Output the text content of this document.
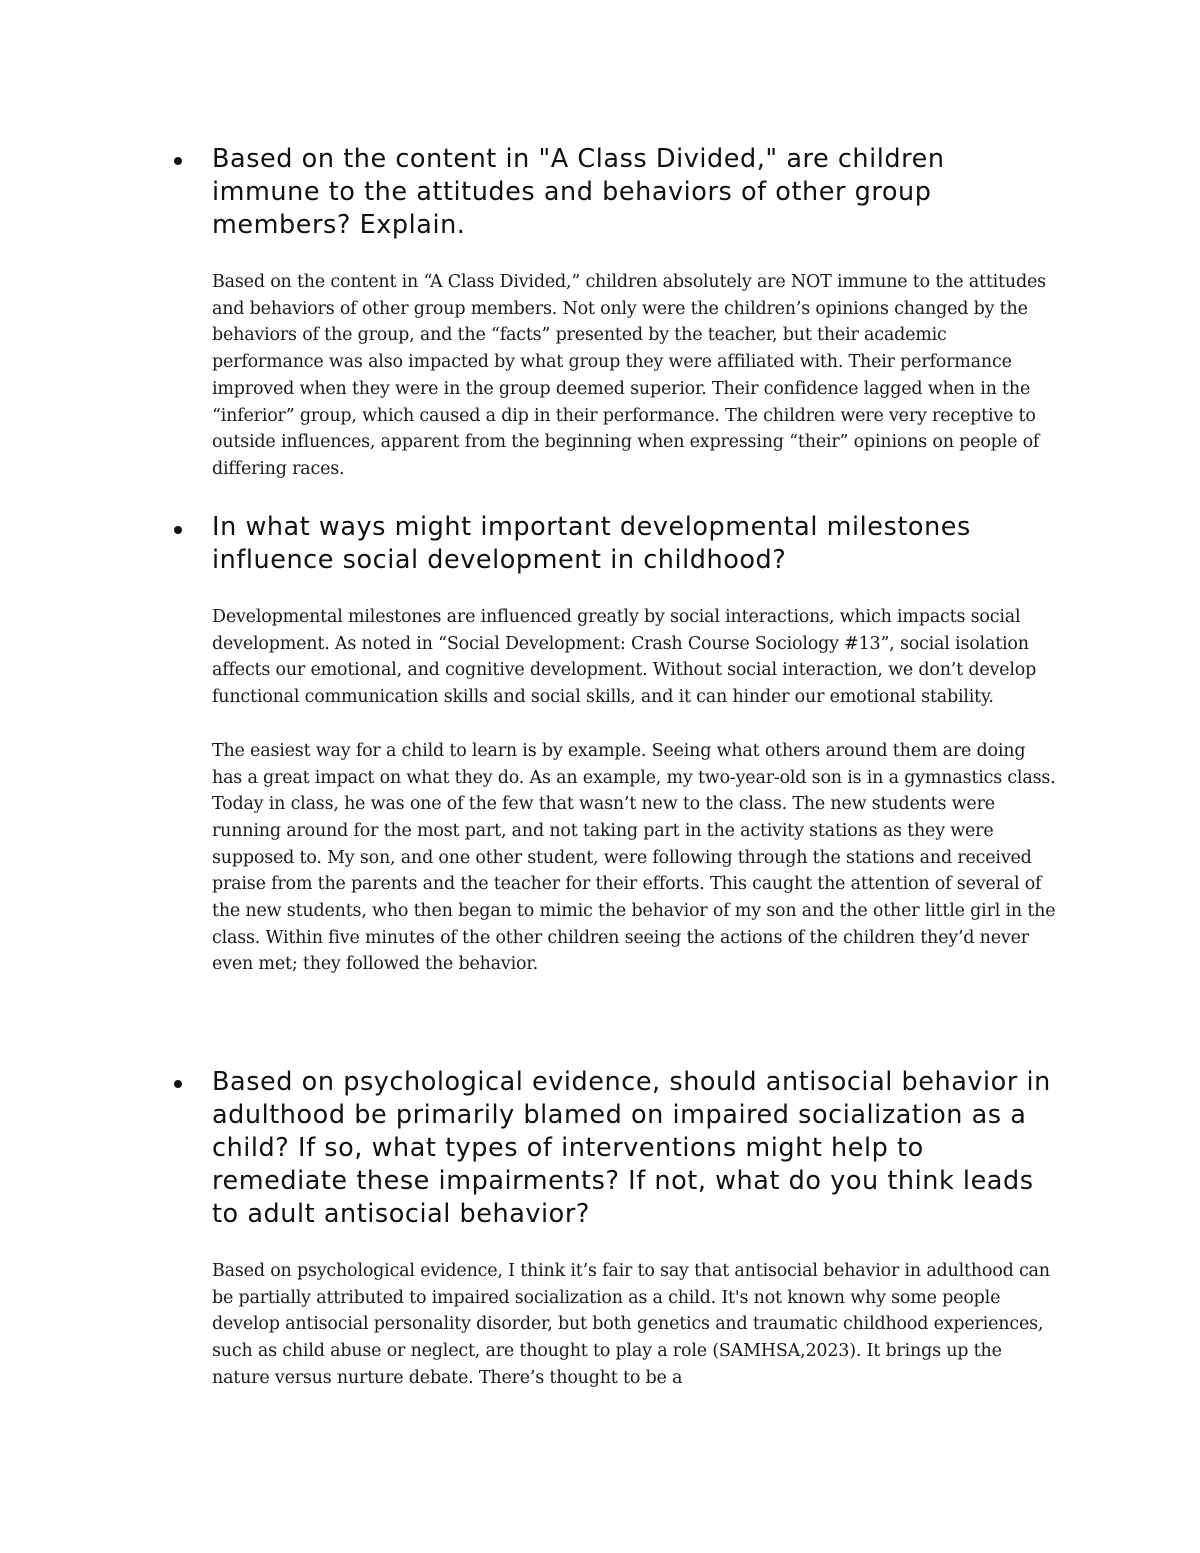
Based on the content in "A Class Divided," are children immune to the attitudes and behaviors of other group members? Explain.

Based on the content in “A Class Divided,” children absolutely are NOT immune to the attitudes and behaviors of other group members. Not only were the children’s opinions changed by the behaviors of the group, and the “facts” presented by the teacher, but their academic performance was also impacted by what group they were affiliated with. Their performance improved when they were in the group deemed superior. Their confidence lagged when in the “inferior” group, which caused a dip in their performance. The children were very receptive to outside influences, apparent from the beginning when expressing “their” opinions on people of differing races.

In what ways might important developmental milestones influence social development in childhood?

Developmental milestones are influenced greatly by social interactions, which impacts social development. As noted in “Social Development: Crash Course Sociology #13”, social isolation affects our emotional, and cognitive development. Without social interaction, we don’t develop functional communication skills and social skills, and it can hinder our emotional stability.

The easiest way for a child to learn is by example. Seeing what others around them are doing has a great impact on what they do. As an example, my two-year-old son is in a gymnastics class. Today in class, he was one of the few that wasn’t new to the class. The new students were running around for the most part, and not taking part in the activity stations as they were supposed to. My son, and one other student, were following through the stations and received praise from the parents and the teacher for their efforts. This caught the attention of several of the new students, who then began to mimic the behavior of my son and the other little girl in the class. Within five minutes of the other children seeing the actions of the children they’d never even met; they followed the behavior.

Based on psychological evidence, should antisocial behavior in adulthood be primarily blamed on impaired socialization as a child? If so, what types of interventions might help to remediate these impairments? If not, what do you think leads to adult antisocial behavior?

Based on psychological evidence, I think it’s fair to say that antisocial behavior in adulthood can be partially attributed to impaired socialization as a child. It's not known why some people develop antisocial personality disorder, but both genetics and traumatic childhood experiences, such as child abuse or neglect, are thought to play a role (SAMHSA,2023). It brings up the nature versus nurture debate. There’s thought to be a
